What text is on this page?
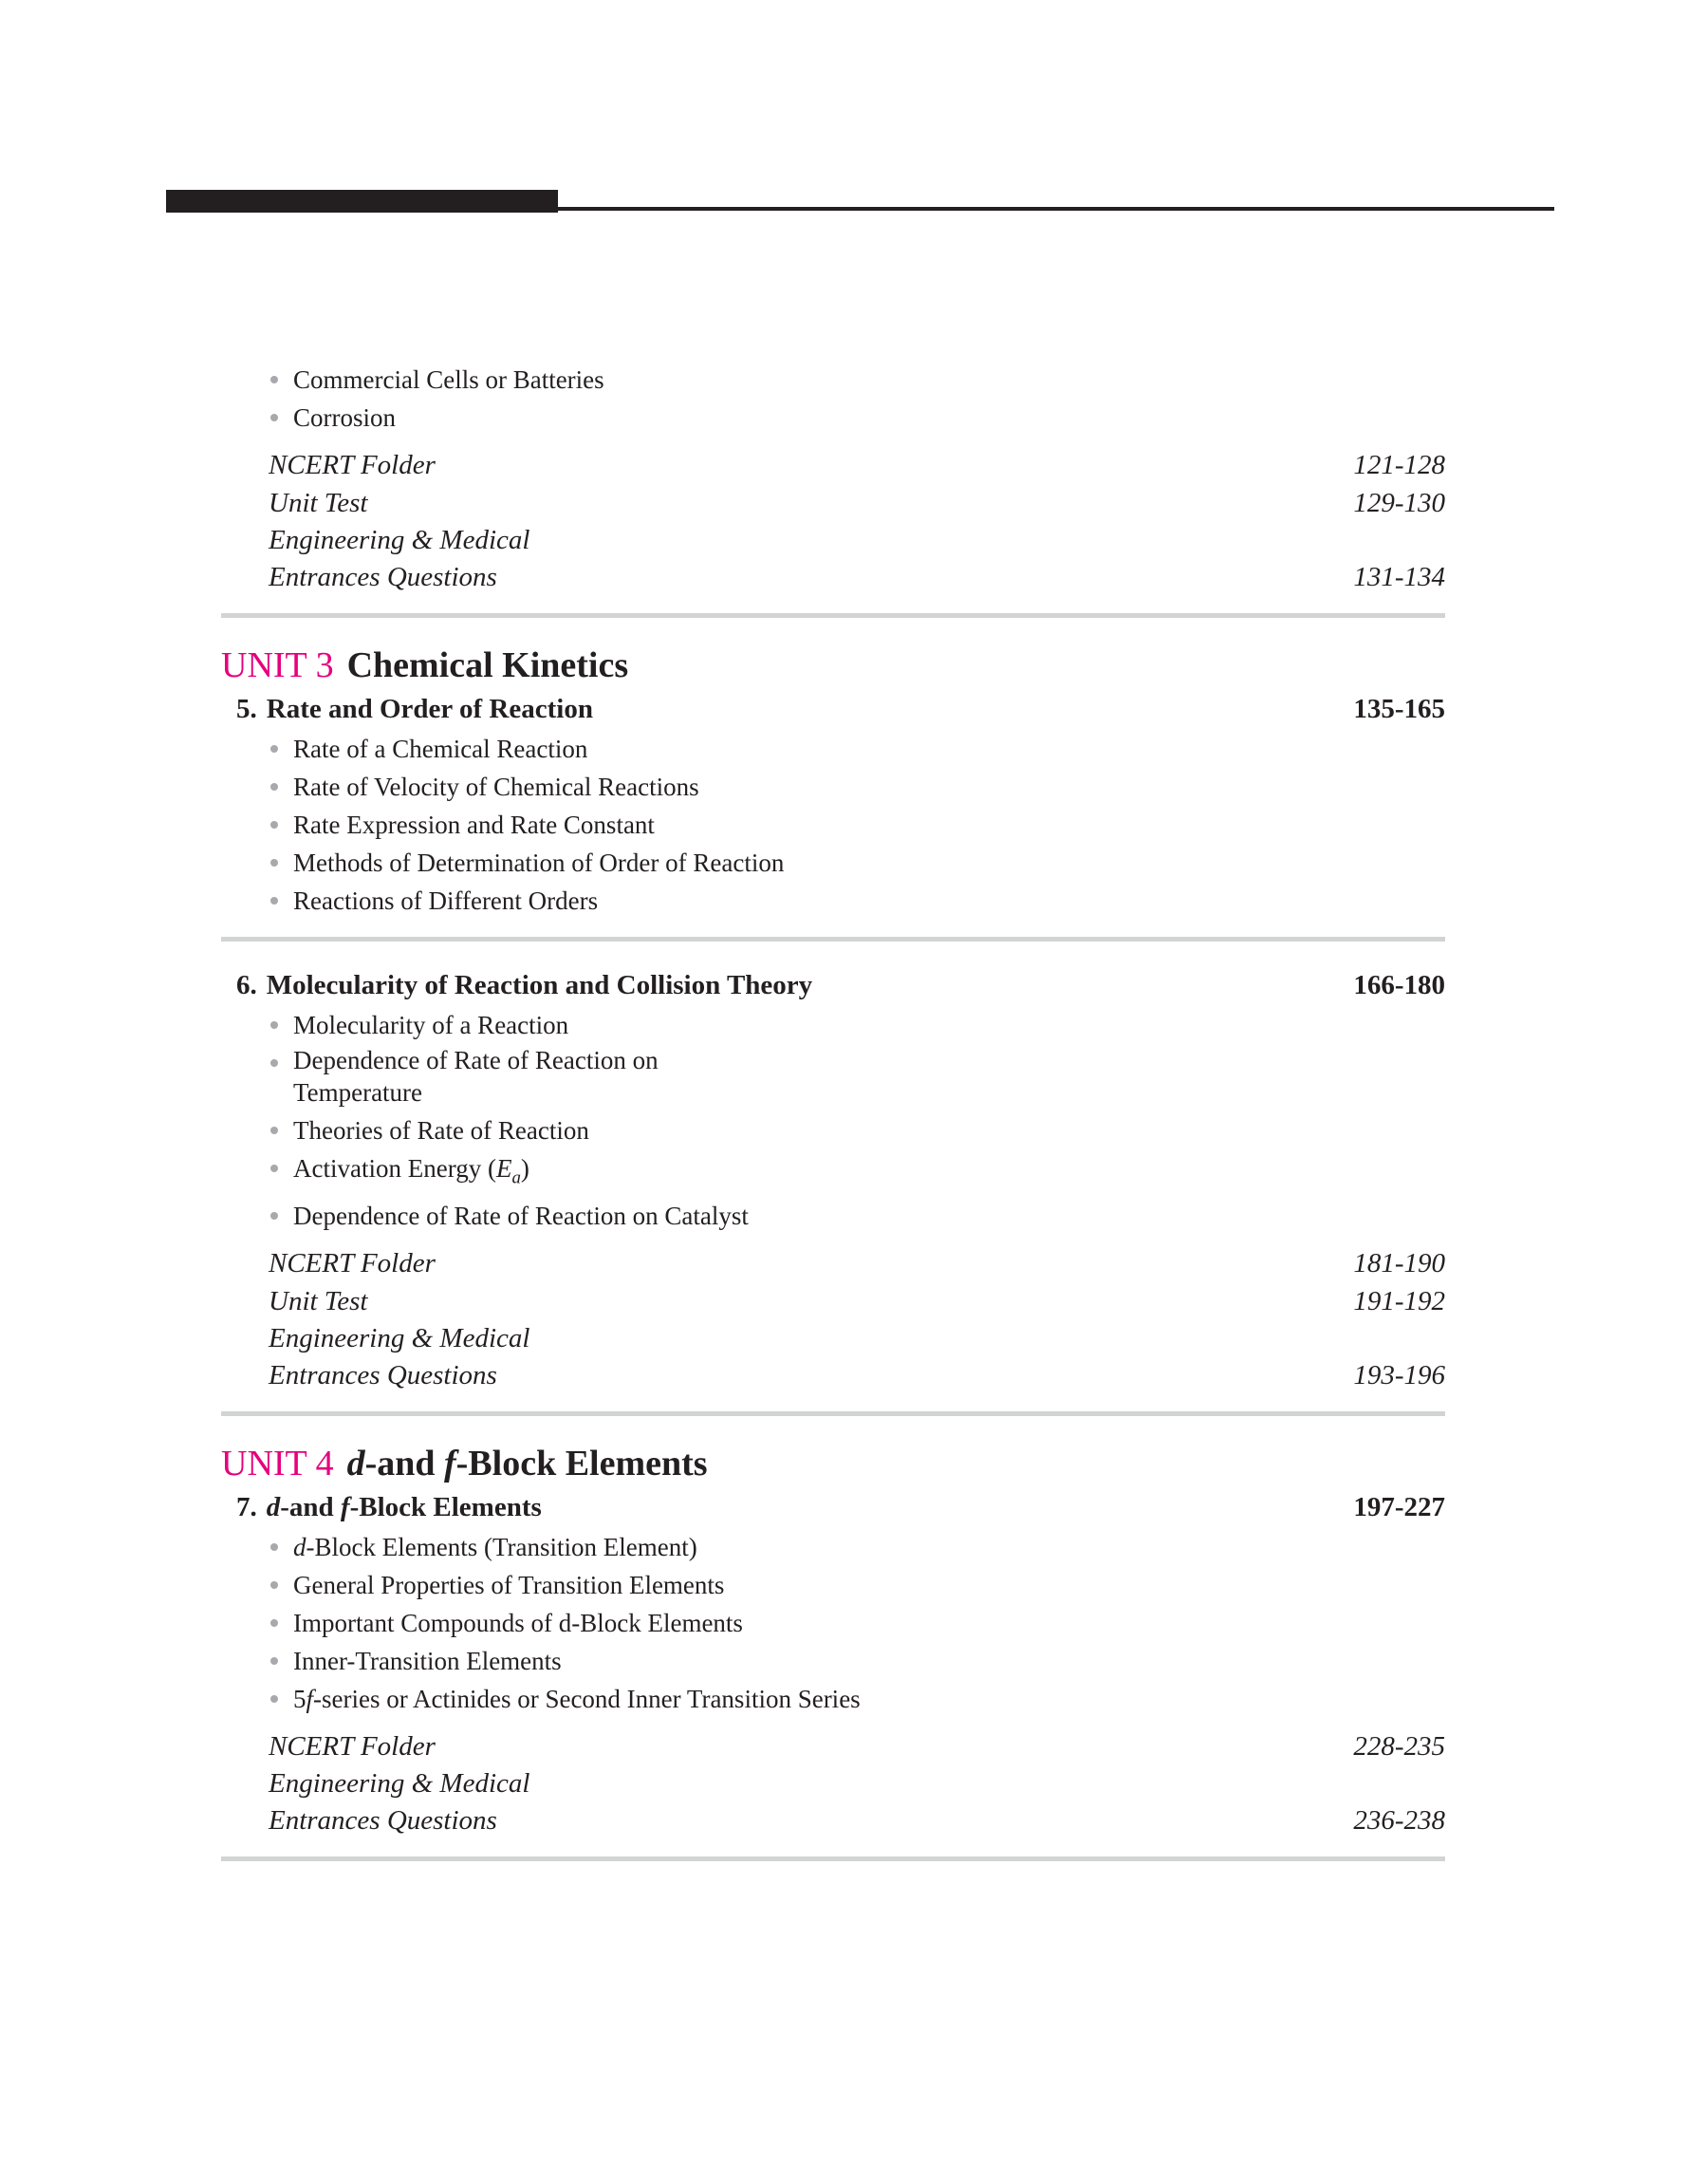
Commercial Cells or Batteries
Corrosion
NCERT Folder	121-128
Unit Test	129-130
Engineering & Medical
Entrances Questions	131-134
UNIT 3 Chemical Kinetics
5. Rate and Order of Reaction	135-165
Rate of a Chemical Reaction
Rate of Velocity of Chemical Reactions
Rate Expression and Rate Constant
Methods of Determination of Order of Reaction
Reactions of Different Orders
6. Molecularity of Reaction and Collision Theory	166-180
Molecularity of a Reaction
Dependence of Rate of Reaction on Temperature
Theories of Rate of Reaction
Activation Energy $(E_a)$
Dependence of Rate of Reaction on Catalyst
NCERT Folder	181-190
Unit Test	191-192
Engineering & Medical
Entrances Questions	193-196
UNIT 4 d-and f-Block Elements
7. d-and f-Block Elements	197-227
d-Block Elements (Transition Element)
General Properties of Transition Elements
Important Compounds of d-Block Elements
Inner-Transition Elements
5f-series or Actinides or Second Inner Transition Series
NCERT Folder	228-235
Engineering & Medical
Entrances Questions	236-238
